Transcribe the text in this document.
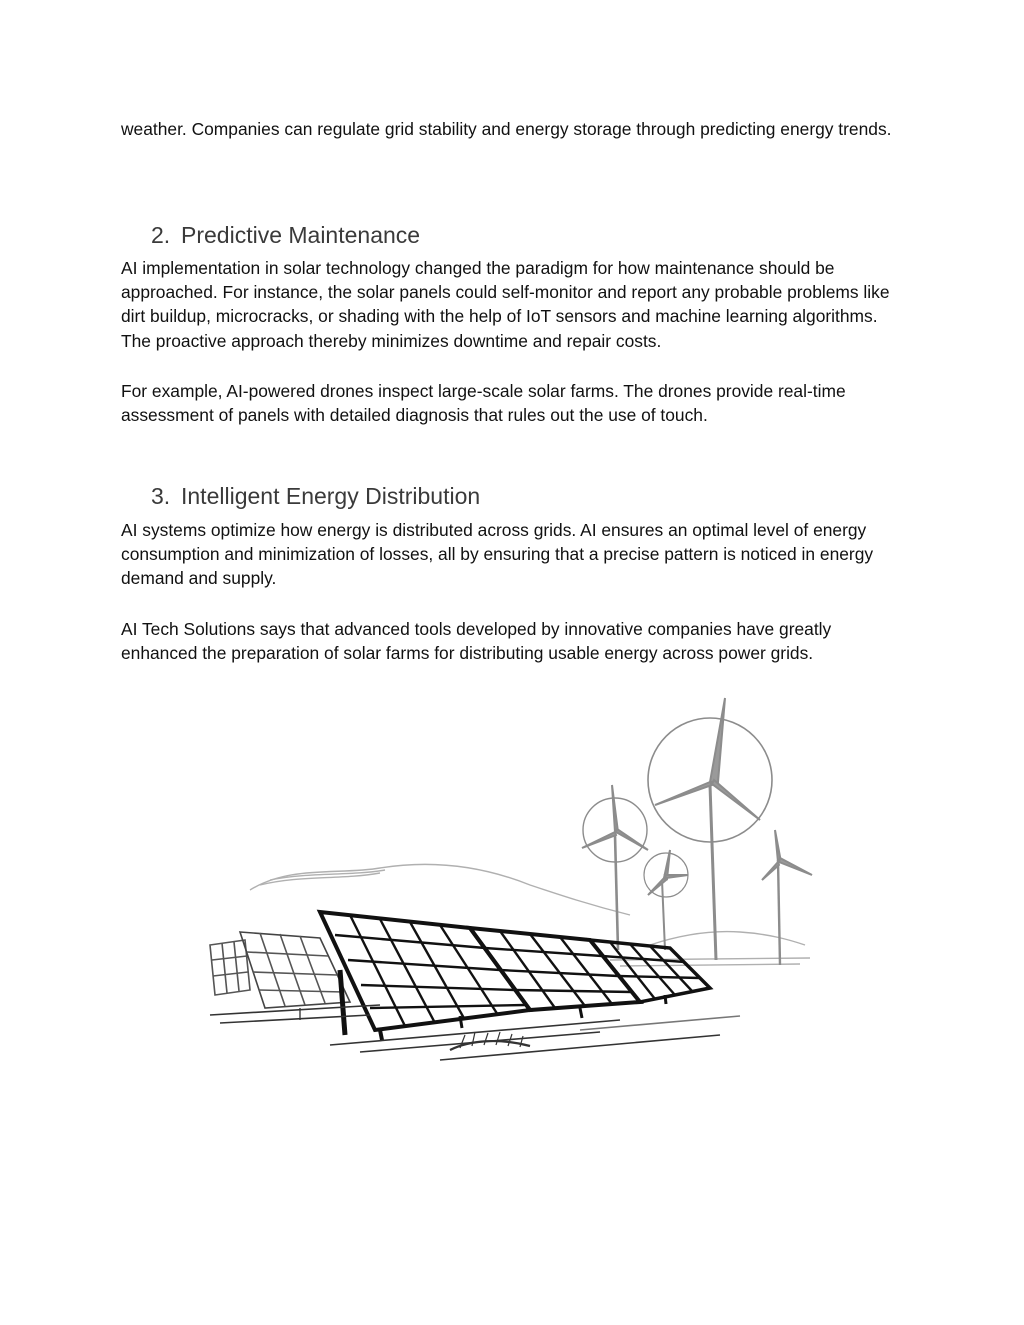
weather. Companies can regulate grid stability and energy storage through predicting energy trends.

2. Predictive Maintenance

AI implementation in solar technology changed the paradigm for how maintenance should be approached. For instance, the solar panels could self-monitor and report any probable problems like dirt buildup, microcracks, or shading with the help of IoT sensors and machine learning algorithms. The proactive approach thereby minimizes downtime and repair costs.

For example, AI-powered drones inspect large-scale solar farms. The drones provide real-time assessment of panels with detailed diagnosis that rules out the use of touch.

3. Intelligent Energy Distribution

AI systems optimize how energy is distributed across grids. AI ensures an optimal level of energy consumption and minimization of losses, all by ensuring that a precise pattern is noticed in energy demand and supply.

AI Tech Solutions says that advanced tools developed by innovative companies have greatly enhanced the preparation of solar farms for distributing usable energy across power grids.
